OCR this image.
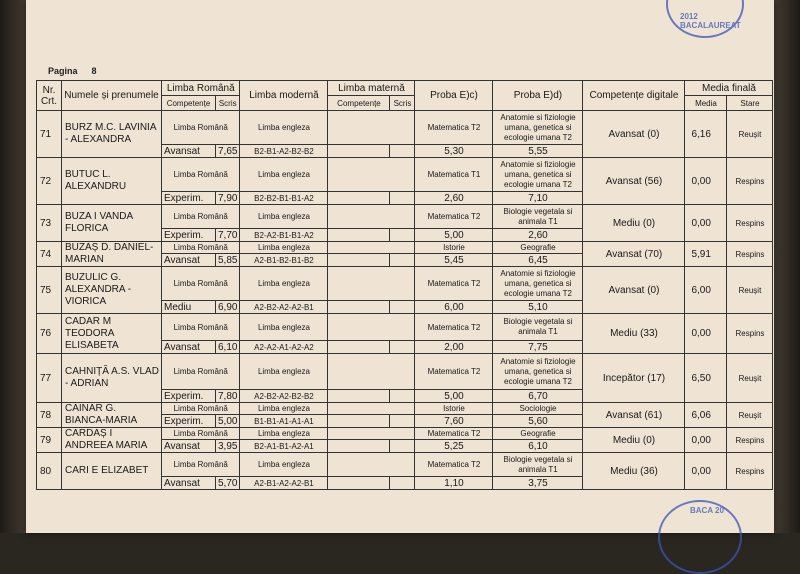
2012 BACALAUREAT
Pagina 8
Nr. Crt.	Numele și prenumele	Limba Română		Limba modernă	Limba maternă		Proba E)c)	Proba E)d)	Competențe digitale	Media finală	
		Competențe	Scris		Competențe	Scris				Media	Stare
71	BURZ M.C. LAVINIA - ALEXANDRA	Limba Română		Limba engleza			Matematica T2	Anatomie si fiziologie umana, genetica si ecologie umana T2	Avansat (0)	6,16	Reușit
		Avansat	7,65	B2-B1-A2-B2-B2			5,30	5,55			
72	BUTUC L. ALEXANDRU	Limba Română		Limba engleza			Matematica T1	Anatomie si fiziologie umana, genetica si ecologie umana T2	Avansat (56)	0,00	Respins
		Experim.	7,90	B2-B2-B1-B1-A2			2,60	7,10			
73	BUZA I VANDA FLORICA	Limba Română		Limba engleza			Matematica T2	Biologie vegetala si animala T1	Mediu (0)	0,00	Respins
		Experim.	7,70	B2-A2-B1-B1-A2			5,00	2,60			
74	BUZAȘ D. DANIEL-MARIAN	Limba Română		Limba engleza			Istorie	Geografie	Avansat (70)	5,91	Respins
		Avansat	5,85	A2-B1-B2-B1-B2			5,45	6,45			
75	BUZULIC G. ALEXANDRA - VIORICA	Limba Română		Limba engleza			Matematica T2	Anatomie si fiziologie umana, genetica si ecologie umana T2	Avansat (0)	6,00	Reușit
		Mediu	6,90	A2-B2-A2-A2-B1			6,00	5,10			
76	CADAR M TEODORA ELISABETA	Limba Română		Limba engleza			Matematica T2	Biologie vegetala si animala T1	Mediu (33)	0,00	Respins
		Avansat	6,10	A2-A2-A1-A2-A2			2,00	7,75			
77	CAHNIȚĂ A.S. VLAD - ADRIAN	Limba Română		Limba engleza			Matematica T2	Anatomie si fiziologie umana, genetica si ecologie umana T2	Incepător (17)	6,50	Reușit
		Experim.	7,80	A2-B2-A2-B2-B2			5,00	6,70			
78	CAINAR G. BIANCA-MARIA	Limba Română		Limba engleza			Istorie	Sociologie	Avansat (61)	6,06	Reușit
		Experim.	5,00	B1-B1-A1-A1-A1			7,60	5,60			
79	CARDAȘ I ANDREEA MARIA	Limba Română		Limba engleza			Matematica T2	Geografie	Mediu (0)	0,00	Respins
		Avansat	3,95	B2-A1-B1-A2-A1			5,25	6,10			
80	CARI E ELIZABET	Limba Română		Limba engleza			Matematica T2	Biologie vegetala si animala T1	Mediu (36)	0,00	Respins
		Avansat	5,70	A2-B1-A2-A2-B1			1,10	3,75			
BACA 20
